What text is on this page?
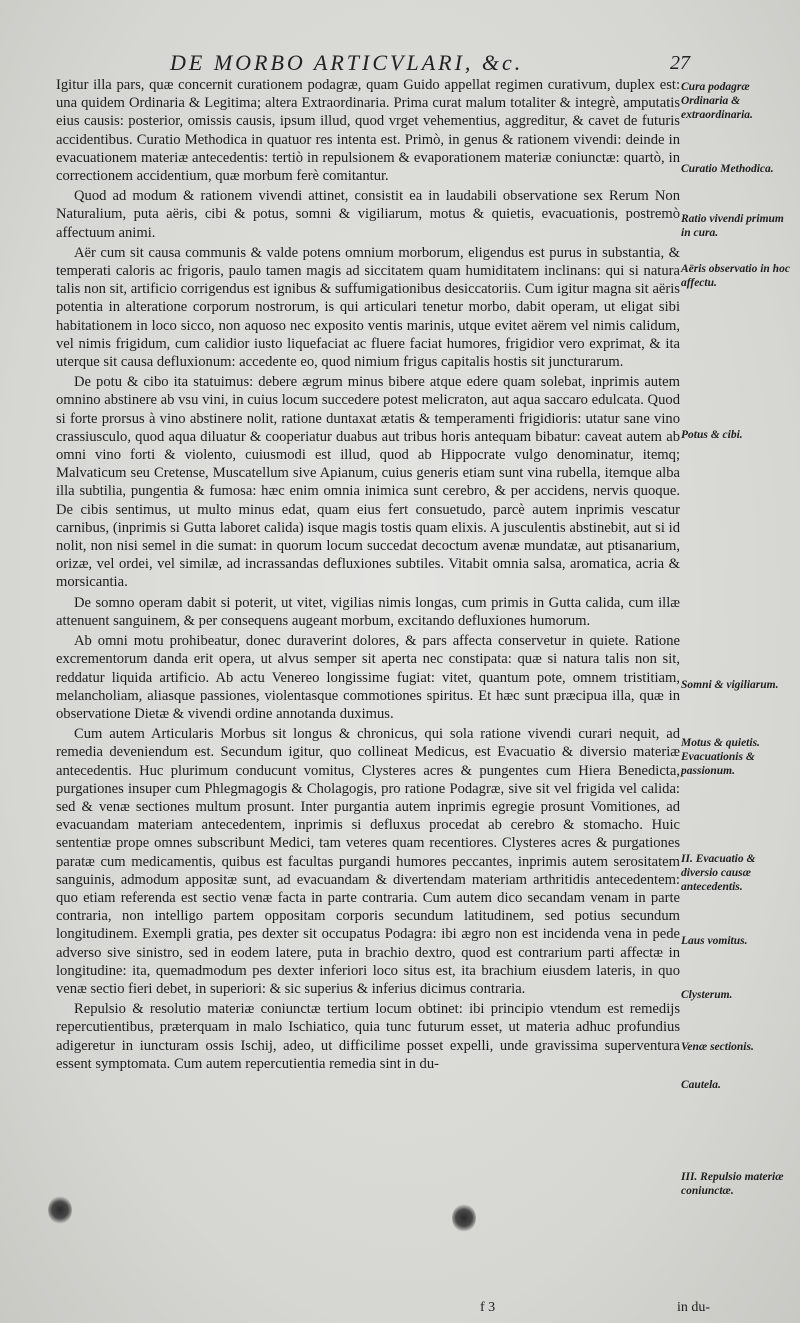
DE MORBO ARTICVLARI, &c.	27

Igitur illa pars, quæ concernit curationem podagræ, quam Guido appellat regimen curativum, duplex est: una quidem Ordinaria & Legitima; altera Extraordinaria. Prima curat malum totaliter & integrè, amputatis eius causis: posterior, omissis causis, ipsum illud, quod vrget vehementius, aggreditur, & cavet de futuris accidentibus. Curatio Methodica in quatuor res intenta est. Primò, in genus & rationem vivendi: deinde in evacuationem materiæ antecedentis: tertiò in repulsionem & evaporationem materiæ coniunctæ: quartò, in correctionem accidentium, quæ morbum ferè comitantur.

Quod ad modum & rationem vivendi attinet, consistit ea in laudabili observatione sex Rerum Non Naturalium, puta aëris, cibi & potus, somni & vigiliarum, motus & quietis, evacuationis, postremò affectuum animi.

Aër cum sit causa communis & valde potens omnium morborum, eligendus est purus in substantia, & temperati caloris ac frigoris, paulo tamen magis ad siccitatem quam humiditatem inclinans: qui si natura talis non sit, artificio corrigendus est ignibus & suffumigationibus desiccatoriis. Cum igitur magna sit aëris potentia in alteratione corporum nostrorum, is qui articulari tenetur morbo, dabit operam, ut eligat sibi habitationem in loco sicco, non aquoso nec exposito ventis marinis, utque evitet aërem vel nimis calidum, vel nimis frigidum, cum calidior iusto liquefaciat ac fluere faciat humores, frigidior vero exprimat, & ita uterque sit causa defluxionum: accedente eo, quod nimium frigus capitalis hostis sit juncturarum.

De potu & cibo ita statuimus: debere ægrum minus bibere atque edere quam solebat, inprimis autem omnino abstinere ab vsu vini, in cuius locum succedere potest melicraton, aut aqua saccaro edulcata. Quod si forte prorsus à vino abstinere nolit, ratione duntaxat ætatis & temperamenti frigidioris: utatur sane vino crassiusculo, quod aqua diluatur & cooperiatur duabus aut tribus horis antequam bibatur: caveat autem ab omni vino forti & violento, cuiusmodi est illud, quod ab Hippocrate vulgo denominatur, itemq; Malvaticum seu Cretense, Muscatellum sive Apianum, cuius generis etiam sunt vina rubella, itemque alba illa subtilia, pungentia & fumosa: hæc enim omnia inimica sunt cerebro, & per accidens, nervis quoque. De cibis sentimus, ut multo minus edat, quam eius fert consuetudo, parcè autem inprimis vescatur carnibus, (inprimis si Gutta laboret calida) isque magis tostis quam elixis. A jusculentis abstinebit, aut si id nolit, non nisi semel in die sumat: in quorum locum succedat decoctum avenæ mundatæ, aut ptisanarium, orizæ, vel ordei, vel similæ, ad incrassandas defluxiones subtiles. Vitabit omnia salsa, aromatica, acria & morsicantia.

De somno operam dabit si poterit, ut vitet, vigilias nimis longas, cum primis in Gutta calida, cum illæ attenuent sanguinem, & per consequens augeant morbum, excitando defluxiones humorum.

Ab omni motu prohibeatur, donec duraverint dolores, & pars affecta conservetur in quiete. Ratione excrementorum danda erit opera, ut alvus semper sit aperta nec constipata: quæ si natura talis non sit, reddatur liquida artificio. Ab actu Venereo longissime fugiat: vitet, quantum pote, omnem tristitiam, melancholiam, aliasque passiones, violentasque commotiones spiritus. Et hæc sunt præcipua illa, quæ in observatione Dietæ & vivendi ordine annotanda duximus.

Cum autem Articularis Morbus sit longus & chronicus, qui sola ratione vivendi curari nequit, ad remedia deveniendum est. Secundum igitur, quo collineat Medicus, est Evacuatio & diversio materiæ antecedentis. Huc plurimum conducunt vomitus, Clysteres acres & pungentes cum Hiera Benedicta, purgationes insuper cum Phlegmagogis & Cholagogis, pro ratione Podagræ, sive sit vel frigida vel calida: sed & venæ sectiones multum prosunt. Inter purgantia autem inprimis egregie prosunt Vomitiones, ad evacuandam materiam antecedentem, inprimis si defluxus procedat ab cerebro & stomacho. Huic sententiæ prope omnes subscribunt Medici, tam veteres quam recentiores. Clysteres acres & purgationes paratæ cum medicamentis, quibus est facultas purgandi humores peccantes, inprimis autem serositatem sanguinis, admodum appositæ sunt, ad evacuandam & divertendam materiam arthritidis antecedentem: quo etiam referenda est sectio venæ facta in parte contraria. Cum autem dico secandam venam in parte contraria, non intelligo partem oppositam corporis secundum latitudinem, sed potius secundum longitudinem. Exempli gratia, pes dexter sit occupatus Podagra: ibi ægro non est incidenda vena in pede adverso sive sinistro, sed in eodem latere, puta in brachio dextro, quod est contrarium parti affectæ in longitudine: ita, quemadmodum pes dexter inferiori loco situs est, ita brachium eiusdem lateris, in quo venæ sectio fieri debet, in superiori: & sic superius & inferius dicimus contraria.

Repulsio & resolutio materiæ coniunctæ tertium locum obtinet: ibi principio vtendum est remedijs repercutientibus, præterquam in malo Ischiatico, quia tunc futurum esset, ut materia adhuc profundius adigeretur in iuncturam ossis Ischij, adeo, ut difficilime posset expelli, unde gravissima superventura essent symptomata. Cum autem repercutientia remedia sint in du-

Cura podagræ Ordinaria & extraordinaria.
Curatio Methodica.
Ratio vivendi primum in cura.
Aëris observatio in hoc affectu.
Potus & cibi.
Somni & vigiliarum.
Motus & quietis. Evacuationis & passionum.
II. Evacuatio & diversio causæ antecedentis.
Laus vomitus.
Clysterum.
Venæ sectionis.
Cautela.
III. Repulsio materiæ coniunctæ.
f 3	in du-
